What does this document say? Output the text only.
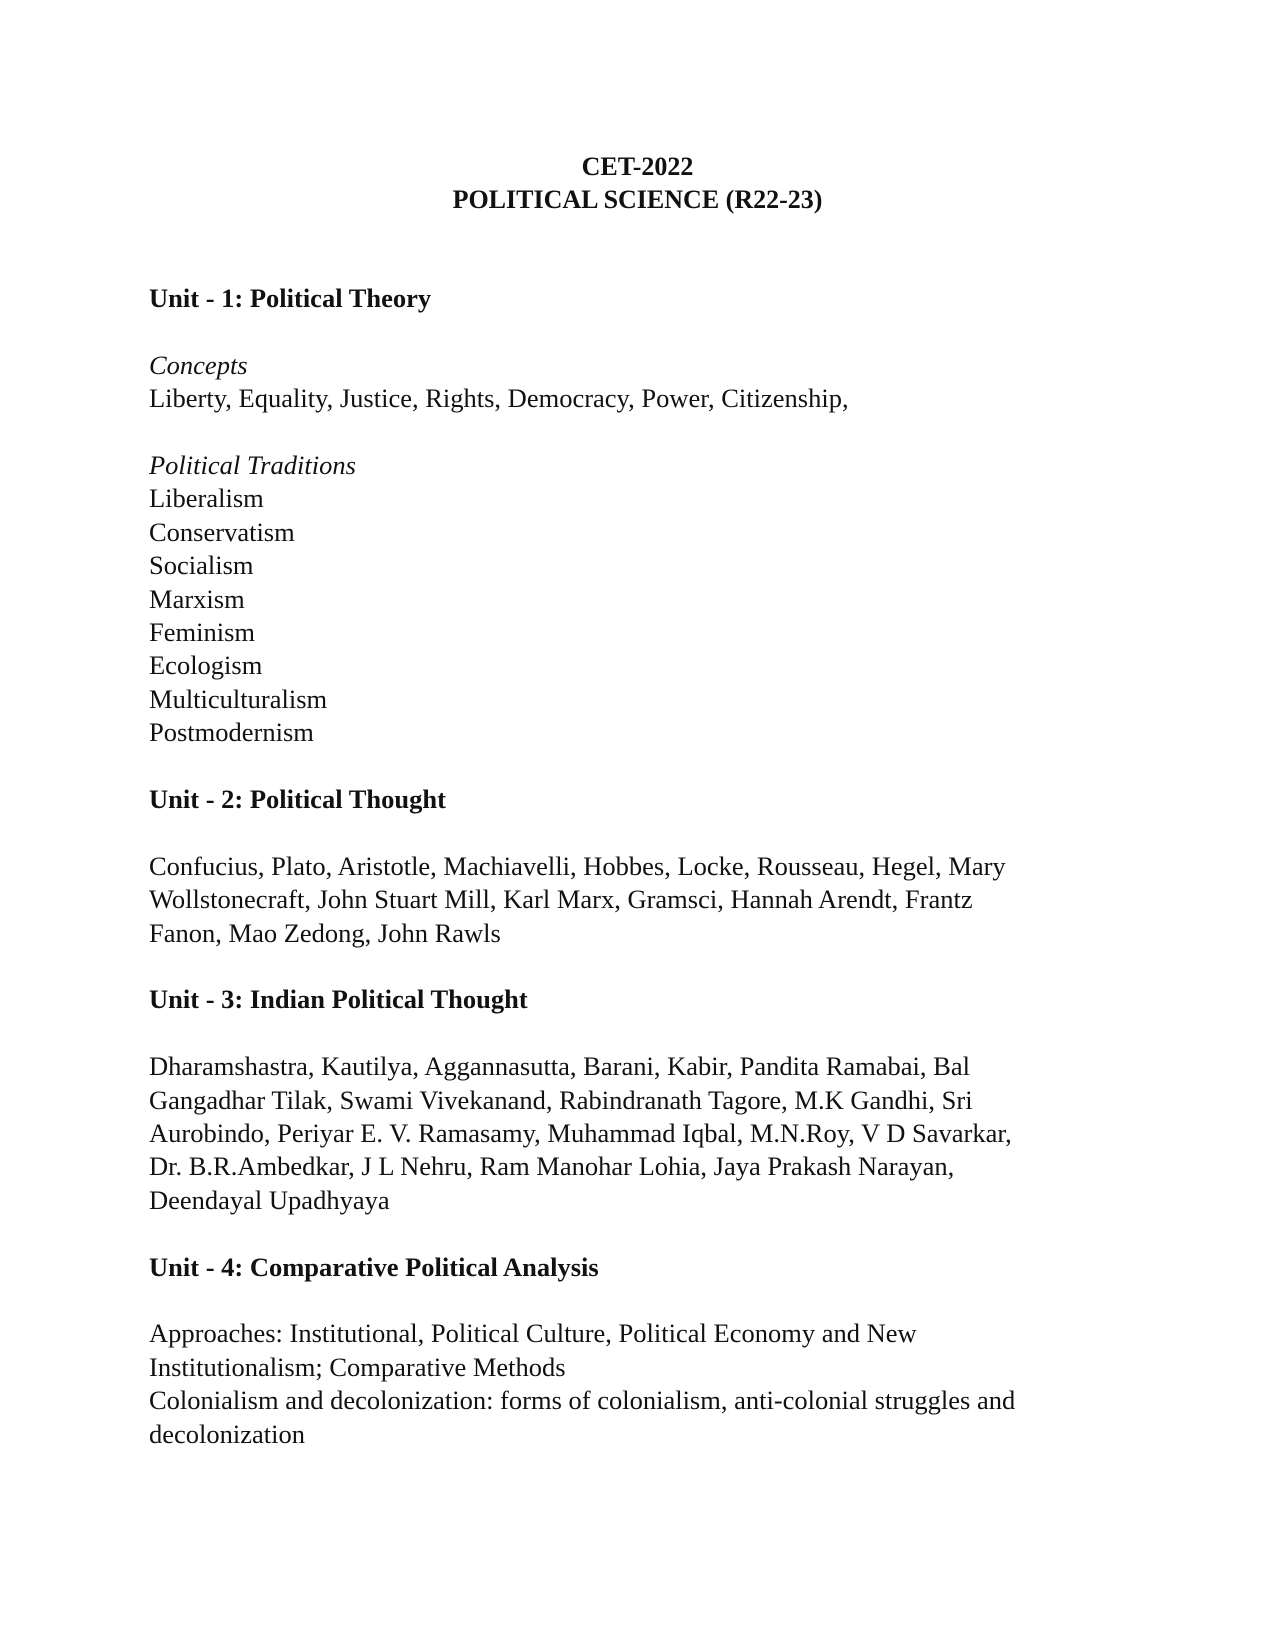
CET-2022
POLITICAL SCIENCE (R22-23)

Unit - 1: Political Theory

Concepts

Liberty, Equality, Justice, Rights, Democracy, Power, Citizenship,

Political Traditions

Liberalism

Conservatism

Socialism

Marxism

Feminism

Ecologism

Multiculturalism

Postmodernism

Unit - 2: Political Thought

Confucius, Plato, Aristotle, Machiavelli, Hobbes, Locke, Rousseau, Hegel, Mary

Wollstonecraft, John Stuart Mill, Karl Marx, Gramsci, Hannah Arendt, Frantz

Fanon, Mao Zedong, John Rawls

Unit - 3: Indian Political Thought

Dharamshastra, Kautilya, Aggannasutta, Barani, Kabir, Pandita Ramabai, Bal

Gangadhar Tilak, Swami Vivekanand, Rabindranath Tagore, M.K Gandhi, Sri

Aurobindo, Periyar E. V. Ramasamy, Muhammad Iqbal, M.N.Roy, V D Savarkar,

Dr. B.R.Ambedkar, J L Nehru, Ram Manohar Lohia, Jaya Prakash Narayan,

Deendayal Upadhyaya

Unit - 4: Comparative Political Analysis

Approaches: Institutional, Political Culture, Political Economy and New

Institutionalism; Comparative Methods

Colonialism and decolonization: forms of colonialism, anti-colonial struggles and

decolonization
